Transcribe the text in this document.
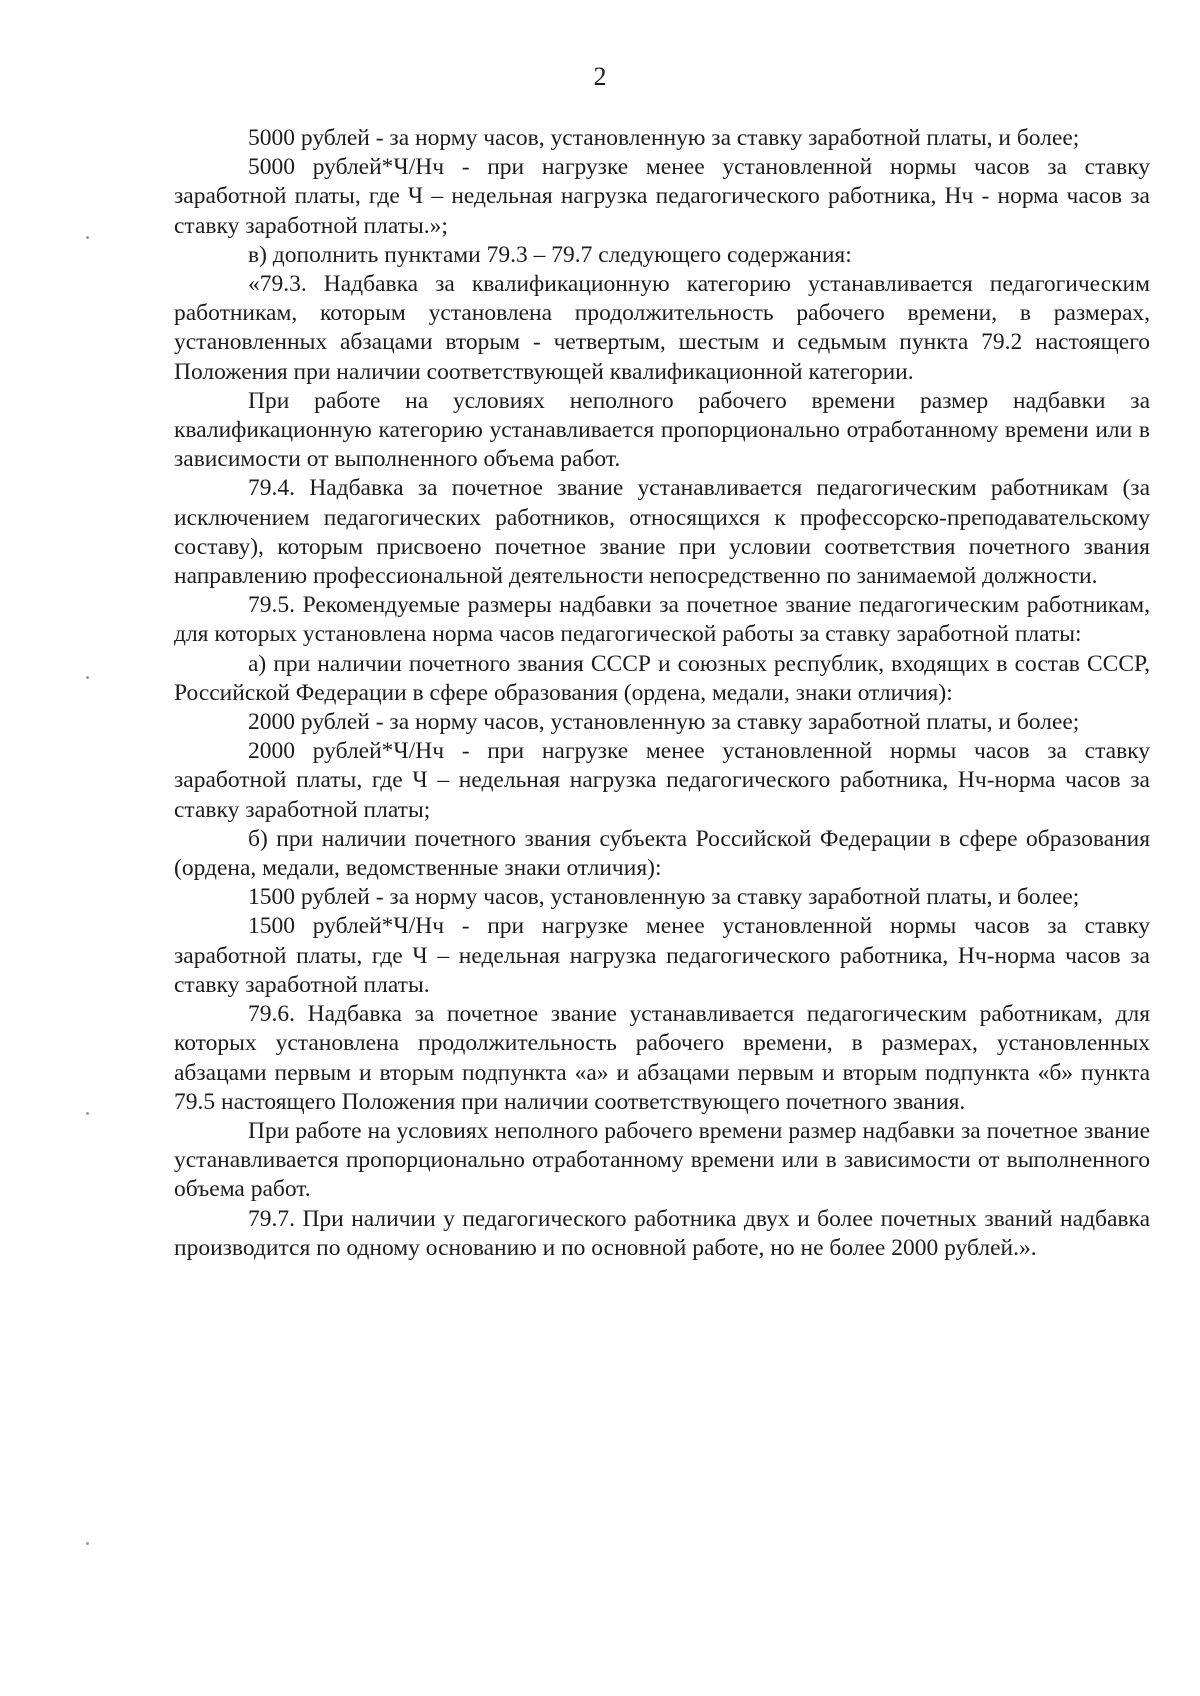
2

5000 рублей - за норму часов, установленную за ставку заработной платы, и более;

5000 рублей*Ч/Нч - при нагрузке менее установленной нормы часов за ставку заработной платы, где Ч – недельная нагрузка педагогического работника, Нч - норма часов за ставку заработной платы.»;

в) дополнить пунктами 79.3 – 79.7 следующего содержания:

«79.3. Надбавка за квалификационную категорию устанавливается педагогическим работникам, которым установлена продолжительность рабочего времени, в размерах, установленных абзацами вторым - четвертым, шестым и седьмым пункта 79.2 настоящего Положения при наличии соответствующей квалификационной категории.

При работе на условиях неполного рабочего времени размер надбавки за квалификационную категорию устанавливается пропорционально отработанному времени или в зависимости от выполненного объема работ.

79.4. Надбавка за почетное звание устанавливается педагогическим работникам (за исключением педагогических работников, относящихся к профессорско-преподавательскому составу), которым присвоено почетное звание при условии соответствия почетного звания направлению профессиональной деятельности непосредственно по занимаемой должности.

79.5. Рекомендуемые размеры надбавки за почетное звание педагогическим работникам, для которых установлена норма часов педагогической работы за ставку заработной платы:

а) при наличии почетного звания СССР и союзных республик, входящих в состав СССР, Российской Федерации в сфере образования (ордена, медали, знаки отличия):

2000 рублей - за норму часов, установленную за ставку заработной платы, и более;

2000 рублей*Ч/Нч - при нагрузке менее установленной нормы часов за ставку заработной платы, где Ч – недельная нагрузка педагогического работника, Нч-норма часов за ставку заработной платы;

б) при наличии почетного звания субъекта Российской Федерации в сфере образования (ордена, медали, ведомственные знаки отличия):

1500 рублей - за норму часов, установленную за ставку заработной платы, и более;

1500 рублей*Ч/Нч - при нагрузке менее установленной нормы часов за ставку заработной платы, где Ч – недельная нагрузка педагогического работника, Нч-норма часов за ставку заработной платы.

79.6. Надбавка за почетное звание устанавливается педагогическим работникам, для которых установлена продолжительность рабочего времени, в размерах, установленных абзацами первым и вторым подпункта «а» и абзацами первым и вторым подпункта «б» пункта 79.5 настоящего Положения при наличии соответствующего почетного звания.

При работе на условиях неполного рабочего времени размер надбавки за почетное звание устанавливается пропорционально отработанному времени или в зависимости от выполненного объема работ.

79.7. При наличии у педагогического работника двух и более почетных званий надбавка производится по одному основанию и по основной работе, но не более 2000 рублей.».
